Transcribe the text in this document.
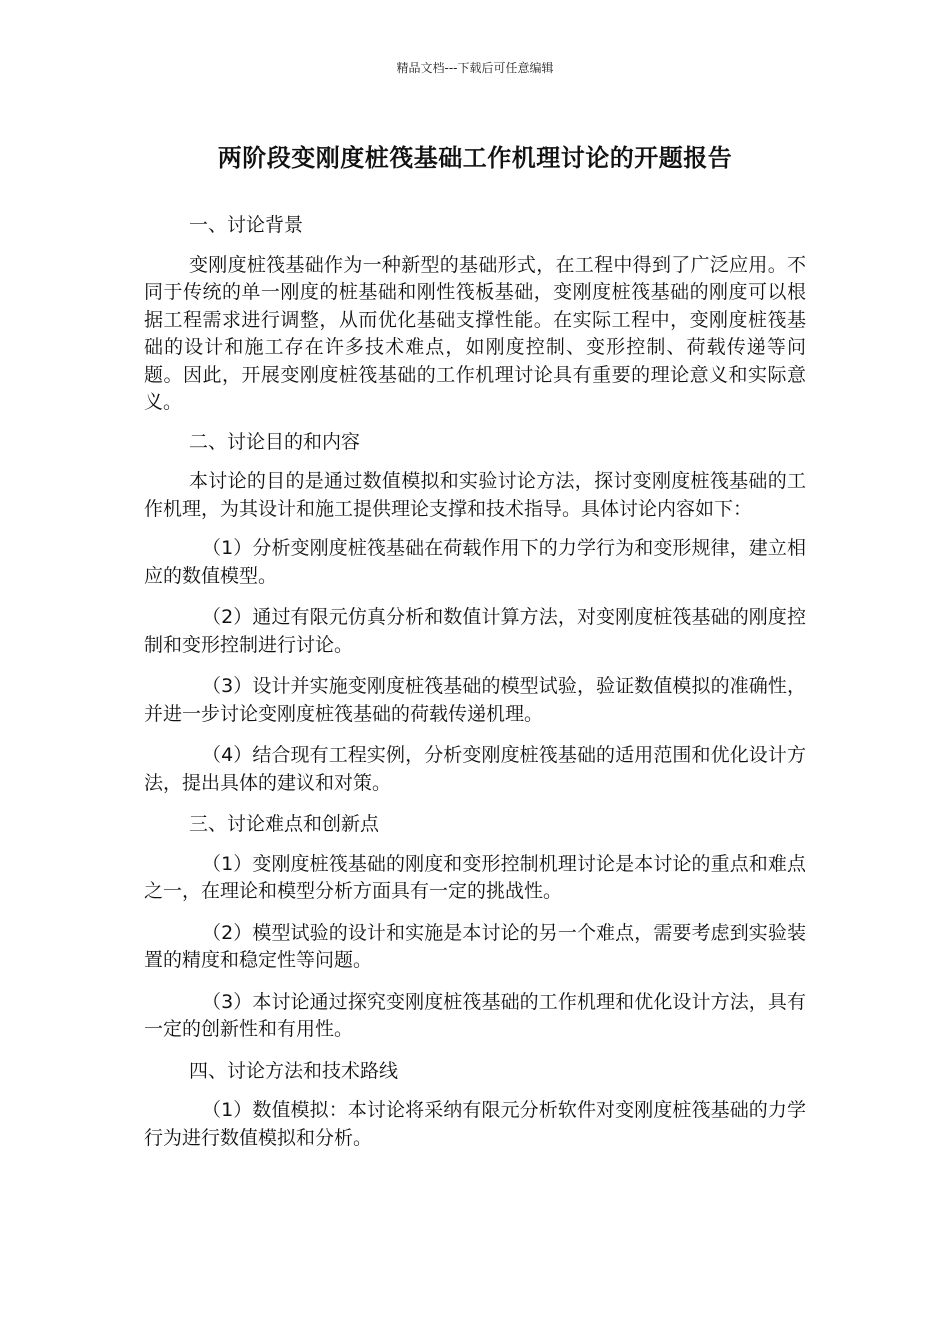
精品文档---下载后可任意编辑
两阶段变刚度桩筏基础工作机理讨论的开题报告

一、讨论背景

变刚度桩筏基础作为一种新型的基础形式，在工程中得到了广泛应用。不同于传统的单一刚度的桩基础和刚性筏板基础，变刚度桩筏基础的刚度可以根据工程需求进行调整，从而优化基础支撑性能。在实际工程中，变刚度桩筏基础的设计和施工存在许多技术难点，如刚度控制、变形控制、荷载传递等问题。因此，开展变刚度桩筏基础的工作机理讨论具有重要的理论意义和实际意义。

二、讨论目的和内容

本讨论的目的是通过数值模拟和实验讨论方法，探讨变刚度桩筏基础的工作机理，为其设计和施工提供理论支撑和技术指导。具体讨论内容如下：

（1）分析变刚度桩筏基础在荷载作用下的力学行为和变形规律，建立相应的数值模型。

（2）通过有限元仿真分析和数值计算方法，对变刚度桩筏基础的刚度控制和变形控制进行讨论。

（3）设计并实施变刚度桩筏基础的模型试验，验证数值模拟的准确性，并进一步讨论变刚度桩筏基础的荷载传递机理。

（4）结合现有工程实例，分析变刚度桩筏基础的适用范围和优化设计方法，提出具体的建议和对策。

三、讨论难点和创新点

（1）变刚度桩筏基础的刚度和变形控制机理讨论是本讨论的重点和难点之一，在理论和模型分析方面具有一定的挑战性。

（2）模型试验的设计和实施是本讨论的另一个难点，需要考虑到实验装置的精度和稳定性等问题。

（3）本讨论通过探究变刚度桩筏基础的工作机理和优化设计方法，具有一定的创新性和有用性。

四、讨论方法和技术路线

（1）数值模拟：本讨论将采纳有限元分析软件对变刚度桩筏基础的力学行为进行数值模拟和分析。
